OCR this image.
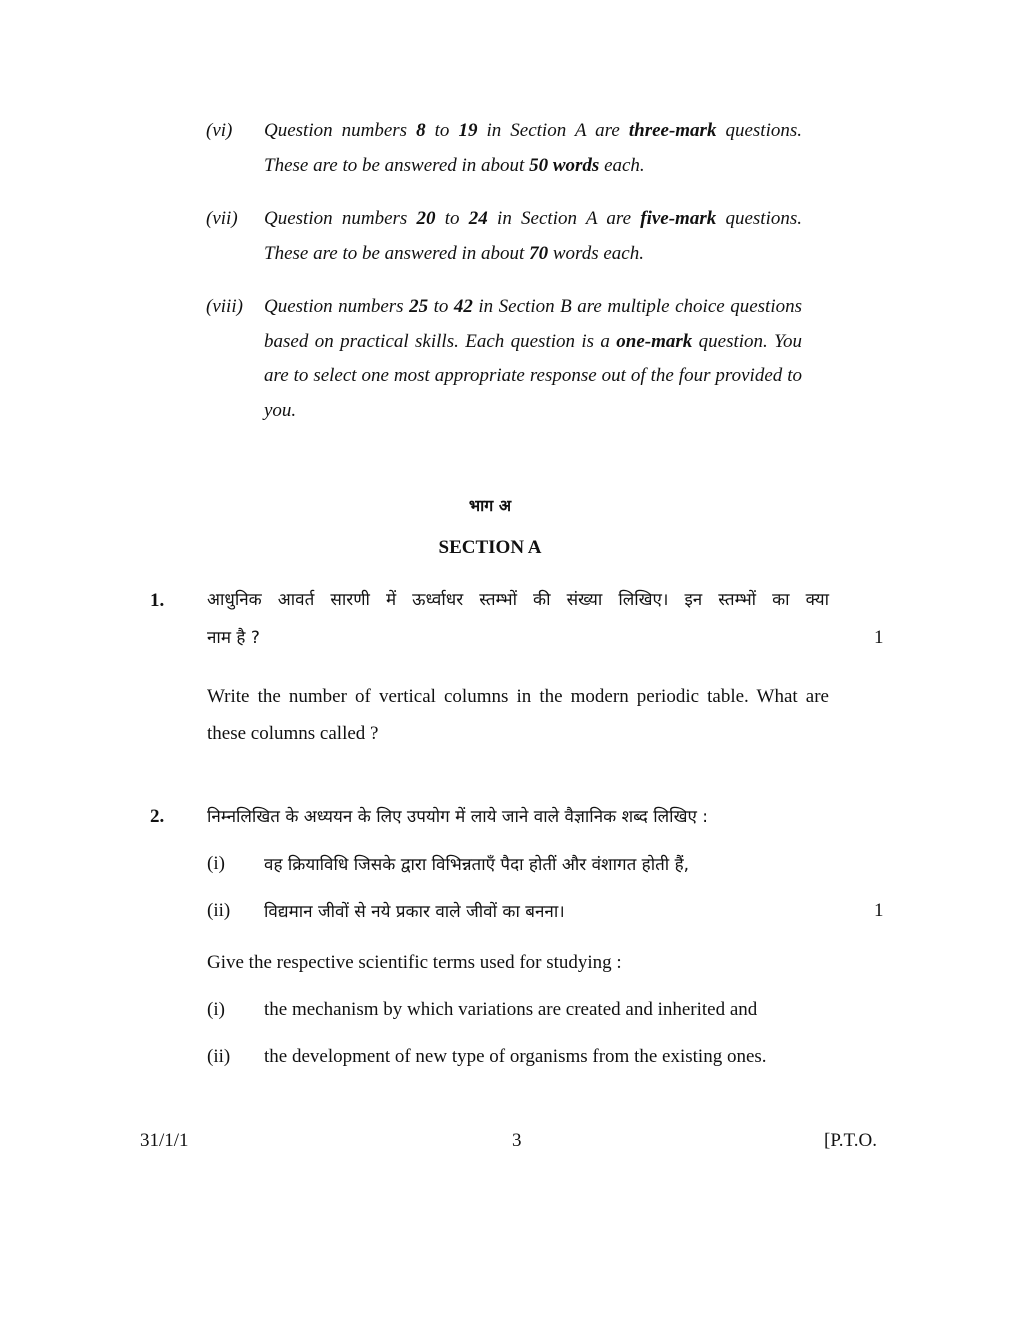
(vi) Question numbers 8 to 19 in Section A are three-mark questions. These are to be answered in about 50 words each.
(vii) Question numbers 20 to 24 in Section A are five-mark questions. These are to be answered in about 70 words each.
(viii) Question numbers 25 to 42 in Section B are multiple choice questions based on practical skills. Each question is a one-mark question. You are to select one most appropriate response out of the four provided to you.
भाग अ
SECTION A
1.	आधुनिक आवर्त सारणी में ऊर्ध्वाधर स्तम्भों की संख्या लिखिए। इन स्तम्भों का क्या
नाम है ?	1
Write the number of vertical columns in the modern periodic table. What are these columns called ?
2.	निम्नलिखित के अध्ययन के लिए उपयोग में लाये जाने वाले वैज्ञानिक शब्द लिखिए :
(i) वह क्रियाविधि जिसके द्वारा विभिन्नताएँ पैदा होतीं और वंशागत होती हैं,
(ii) विद्यमान जीवों से नये प्रकार वाले जीवों का बनना।	1
Give the respective scientific terms used for studying :
(i) the mechanism by which variations are created and inherited and
(ii) the development of new type of organisms from the existing ones.
31/1/1	3	[P.T.O.
